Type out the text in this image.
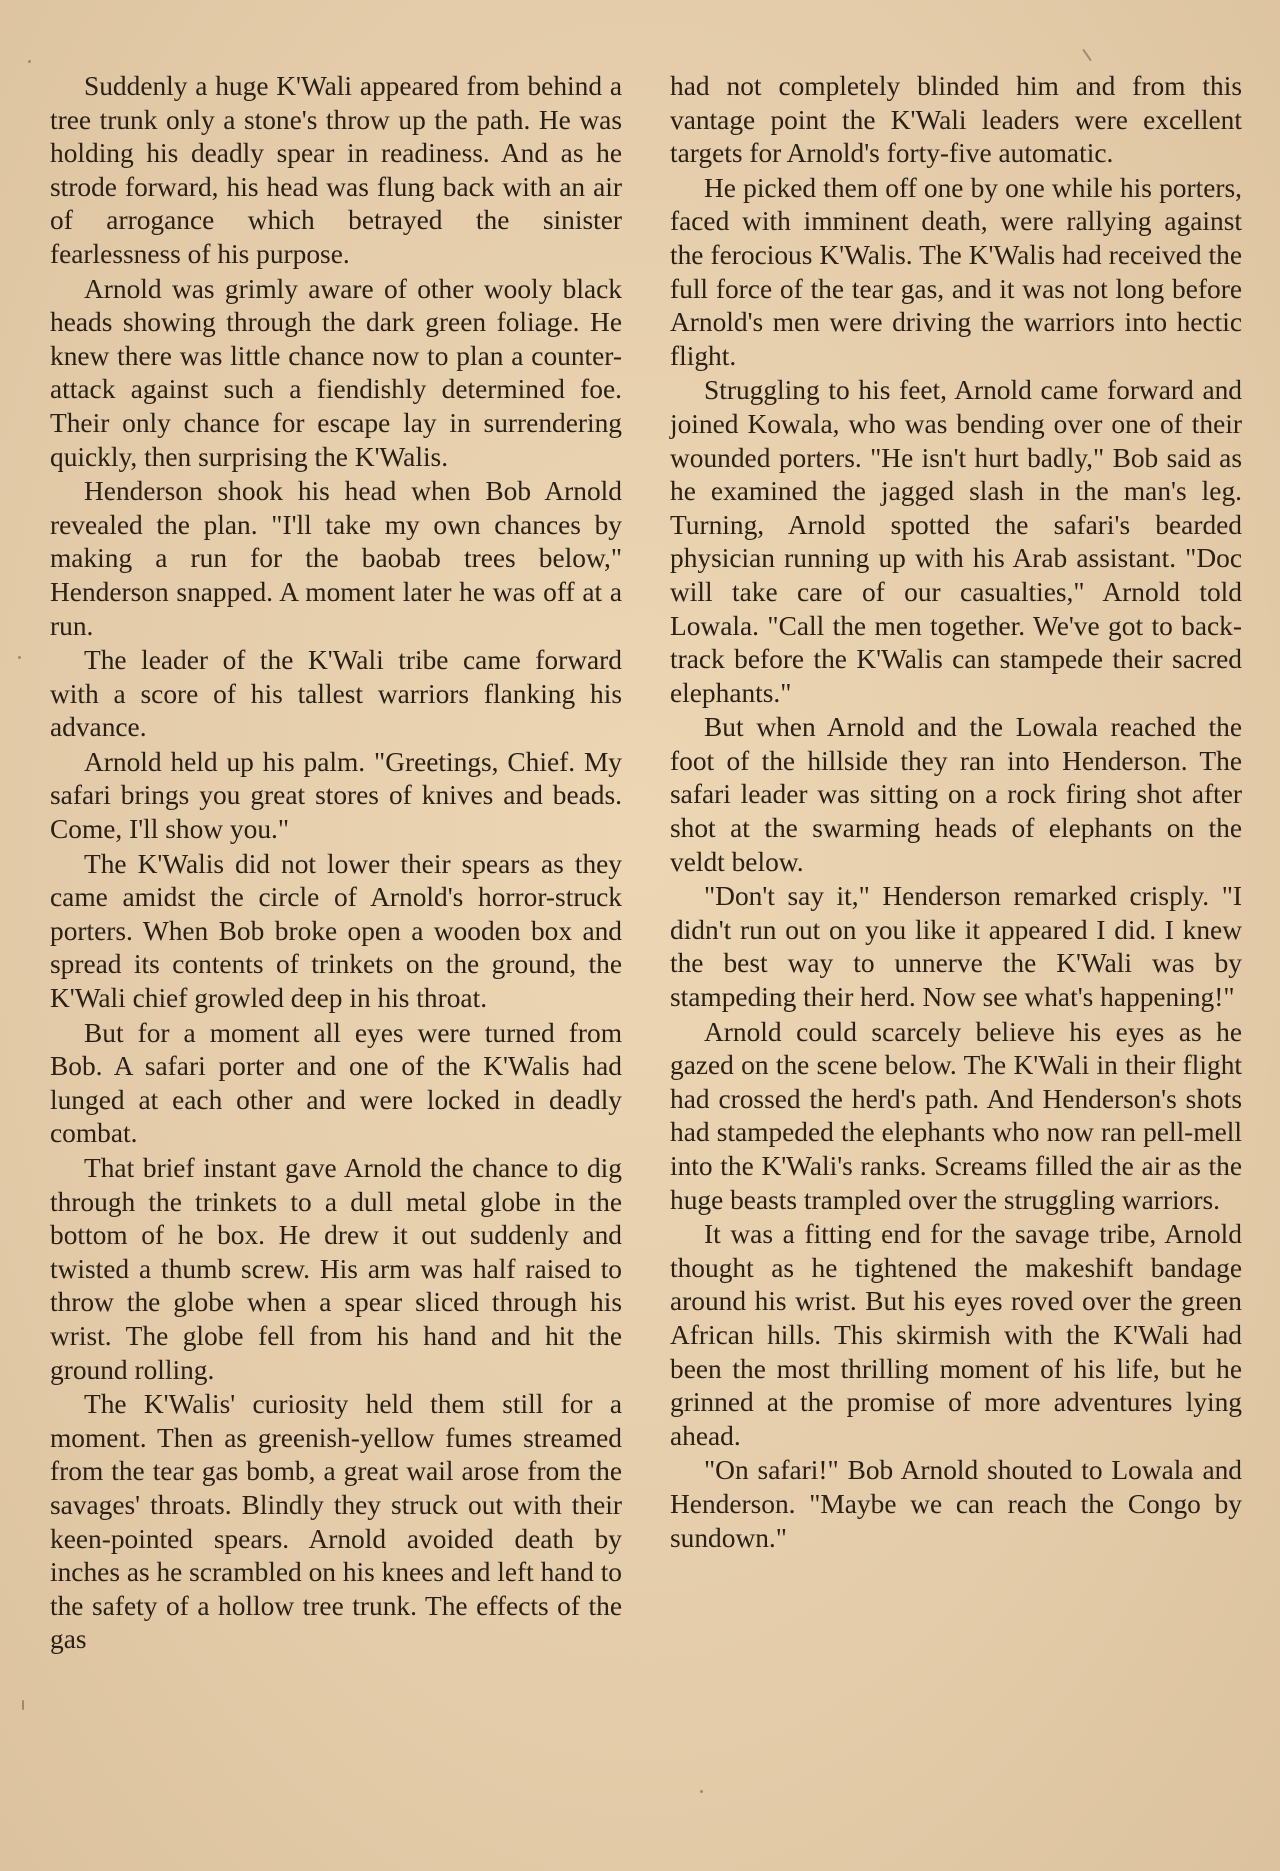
Suddenly a huge K'Wali appeared from behind a tree trunk only a stone's throw up the path. He was holding his deadly spear in readiness. And as he strode forward, his head was flung back with an air of arrogance which betrayed the sinister fearlessness of his purpose.

Arnold was grimly aware of other wooly black heads showing through the dark green foliage. He knew there was little chance now to plan a counter-attack against such a fiendishly determined foe. Their only chance for escape lay in surrendering quickly, then surprising the K'Walis.

Henderson shook his head when Bob Arnold revealed the plan. "I'll take my own chances by making a run for the baobab trees below," Henderson snapped. A moment later he was off at a run.

The leader of the K'Wali tribe came forward with a score of his tallest warriors flanking his advance.

Arnold held up his palm. "Greetings, Chief. My safari brings you great stores of knives and beads. Come, I'll show you."

The K'Walis did not lower their spears as they came amidst the circle of Arnold's horror-struck porters. When Bob broke open a wooden box and spread its contents of trinkets on the ground, the K'Wali chief growled deep in his throat.

But for a moment all eyes were turned from Bob. A safari porter and one of the K'Walis had lunged at each other and were locked in deadly combat.

That brief instant gave Arnold the chance to dig through the trinkets to a dull metal globe in the bottom of he box. He drew it out suddenly and twisted a thumb screw. His arm was half raised to throw the globe when a spear sliced through his wrist. The globe fell from his hand and hit the ground rolling.

The K'Walis' curiosity held them still for a moment. Then as greenish-yellow fumes streamed from the tear gas bomb, a great wail arose from the savages' throats. Blindly they struck out with their keen-pointed spears. Arnold avoided death by inches as he scrambled on his knees and left hand to the safety of a hollow tree trunk. The effects of the gas

had not completely blinded him and from this vantage point the K'Wali leaders were excellent targets for Arnold's forty-five automatic.

He picked them off one by one while his porters, faced with imminent death, were rallying against the ferocious K'Walis. The K'Walis had received the full force of the tear gas, and it was not long before Arnold's men were driving the warriors into hectic flight.

Struggling to his feet, Arnold came forward and joined Kowala, who was bending over one of their wounded porters. "He isn't hurt badly," Bob said as he examined the jagged slash in the man's leg. Turning, Arnold spotted the safari's bearded physician running up with his Arab assistant. "Doc will take care of our casualties," Arnold told Lowala. "Call the men together. We've got to back-track before the K'Walis can stampede their sacred elephants."

But when Arnold and the Lowala reached the foot of the hillside they ran into Henderson. The safari leader was sitting on a rock firing shot after shot at the swarming heads of elephants on the veldt below.

"Don't say it," Henderson remarked crisply. "I didn't run out on you like it appeared I did. I knew the best way to unnerve the K'Wali was by stampeding their herd. Now see what's happening!"

Arnold could scarcely believe his eyes as he gazed on the scene below. The K'Wali in their flight had crossed the herd's path. And Henderson's shots had stampeded the elephants who now ran pell-mell into the K'Wali's ranks. Screams filled the air as the huge beasts trampled over the struggling warriors.

It was a fitting end for the savage tribe, Arnold thought as he tightened the makeshift bandage around his wrist. But his eyes roved over the green African hills. This skirmish with the K'Wali had been the most thrilling moment of his life, but he grinned at the promise of more adventures lying ahead.

"On safari!" Bob Arnold shouted to Lowala and Henderson. "Maybe we can reach the Congo by sundown."
